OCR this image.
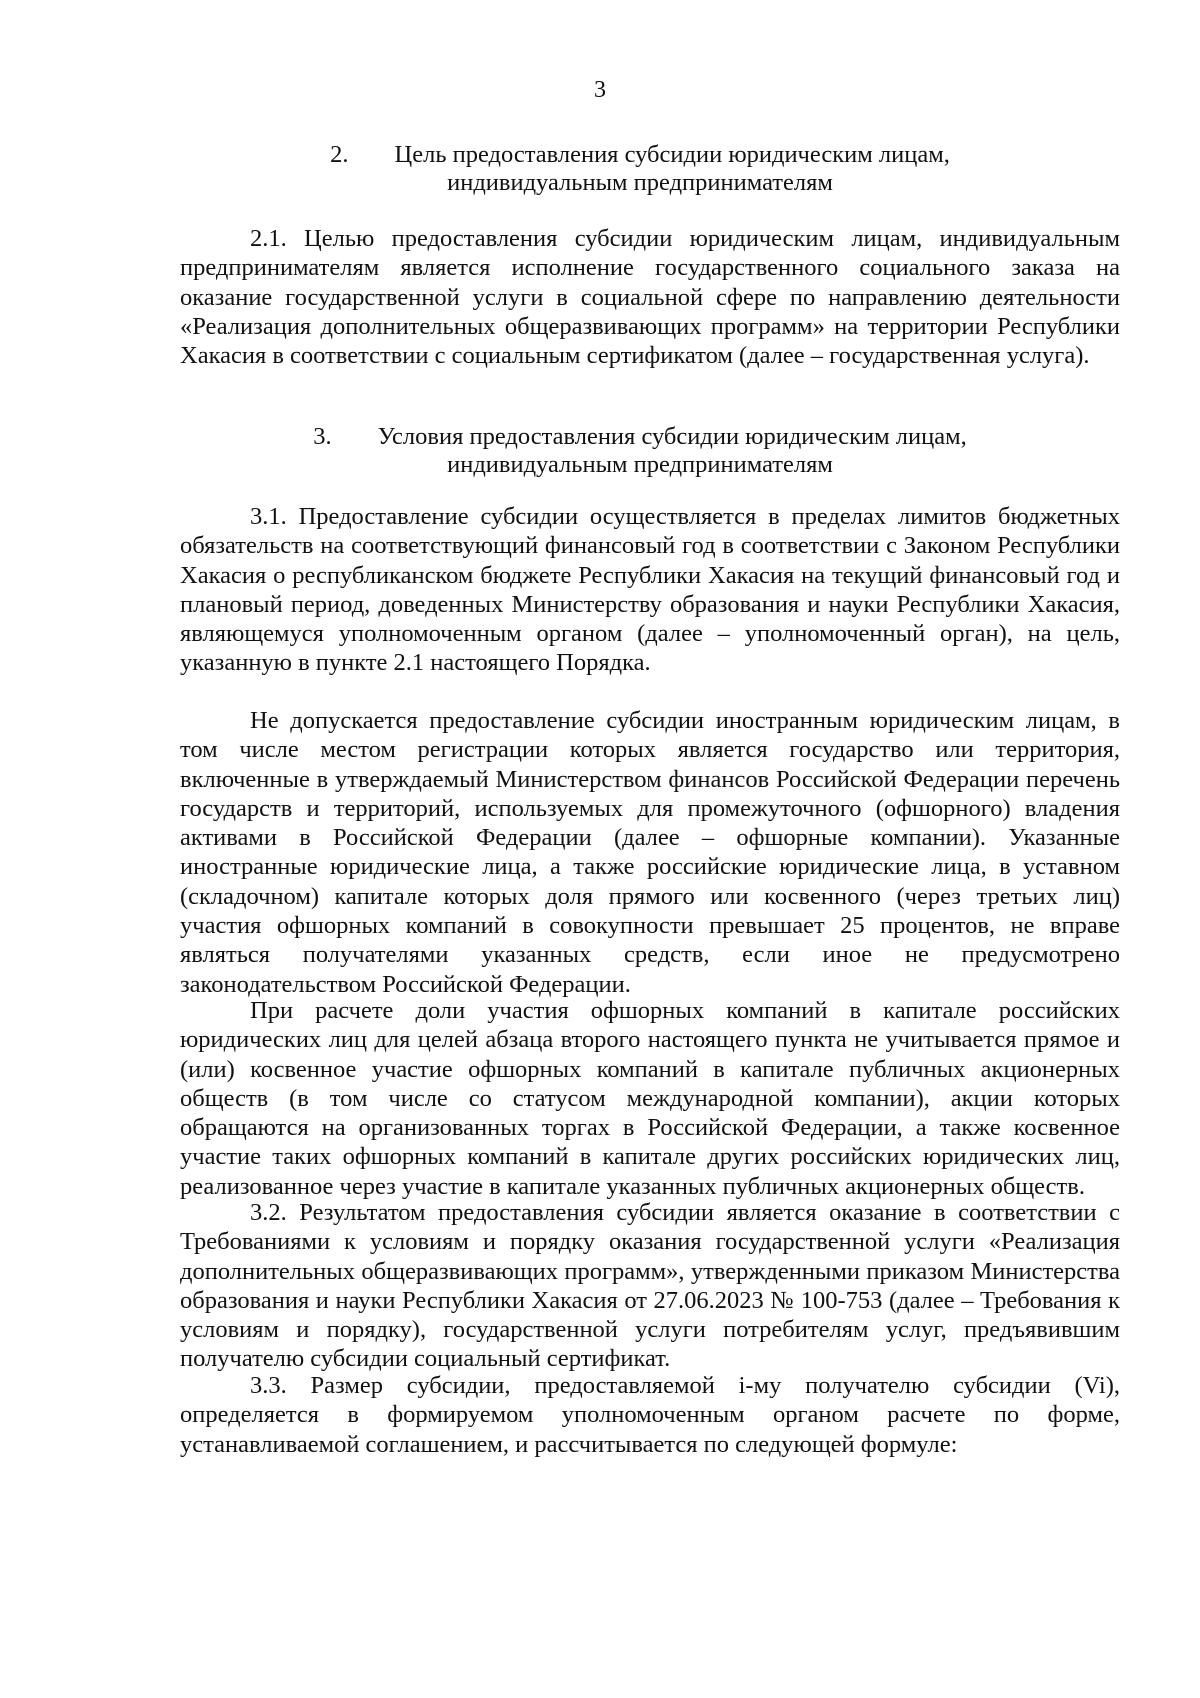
3
2. Цель предоставления субсидии юридическим лицам,
индивидуальным предпринимателям

2.1. Целью предоставления субсидии юридическим лицам, индивидуальным предпринимателям является исполнение государственного социального заказа на оказание государственной услуги в социальной сфере по направлению деятельности «Реализация дополнительных общеразвивающих программ» на территории Республики Хакасия в соответствии с социальным сертификатом (далее – государственная услуга).

3. Условия предоставления субсидии юридическим лицам,
индивидуальным предпринимателям

3.1. Предоставление субсидии осуществляется в пределах лимитов бюджетных обязательств на соответствующий финансовый год в соответствии с Законом Республики Хакасия о республиканском бюджете Республики Хакасия на текущий финансовый год и плановый период, доведенных Министерству образования и науки Республики Хакасия, являющемуся уполномоченным органом (далее – уполномоченный орган), на цель, указанную в пункте 2.1 настоящего Порядка.

Не допускается предоставление субсидии иностранным юридическим лицам, в том числе местом регистрации которых является государство или территория, включенные в утверждаемый Министерством финансов Российской Федерации перечень государств и территорий, используемых для промежуточного (офшорного) владения активами в Российской Федерации (далее – офшорные компании). Указанные иностранные юридические лица, а также российские юридические лица, в уставном (складочном) капитале которых доля прямого или косвенного (через третьих лиц) участия офшорных компаний в совокупности превышает 25 процентов, не вправе являться получателями указанных средств, если иное не предусмотрено законодательством Российской Федерации.

При расчете доли участия офшорных компаний в капитале российских юридических лиц для целей абзаца второго настоящего пункта не учитывается прямое и (или) косвенное участие офшорных компаний в капитале публичных акционерных обществ (в том числе со статусом международной компании), акции которых обращаются на организованных торгах в Российской Федерации, а также косвенное участие таких офшорных компаний в капитале других российских юридических лиц, реализованное через участие в капитале указанных публичных акционерных обществ.

3.2. Результатом предоставления субсидии является оказание в соответствии с Требованиями к условиям и порядку оказания государственной услуги «Реализация дополнительных общеразвивающих программ», утвержденными приказом Министерства образования и науки Республики Хакасия от 27.06.2023 № 100-753 (далее – Требования к условиям и порядку), государственной услуги потребителям услуг, предъявившим получателю субсидии социальный сертификат.

3.3. Размер субсидии, предоставляемой i-му получателю субсидии (Vi), определяется в формируемом уполномоченным органом расчете по форме, устанавливаемой соглашением, и рассчитывается по следующей формуле:
